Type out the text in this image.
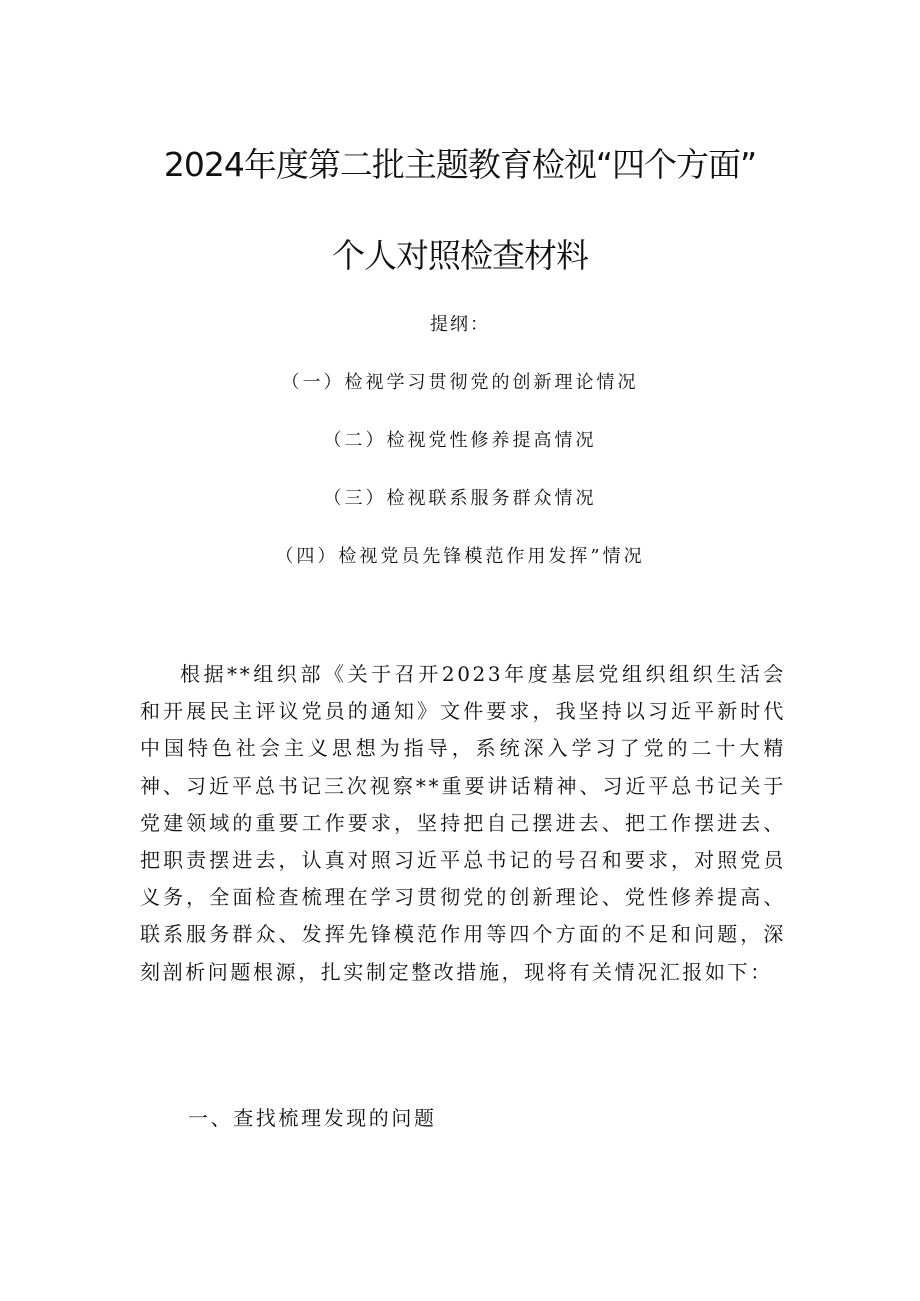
2024年度第二批主题教育检视“四个方面”
个人对照检查材料
提纲：
（一）检视学习贯彻党的创新理论情况
（二）检视党性修养提高情况
（三）检视联系服务群众情况
（四）检视党员先锋模范作用发挥”情况

根据**组织部《关于召开2023年度基层党组织组织生活会和开展民主评议党员的通知》文件要求，我坚持以习近平新时代中国特色社会主义思想为指导，系统深入学习了党的二十大精神、习近平总书记三次视察**重要讲话精神、习近平总书记关于党建领域的重要工作要求，坚持把自己摆进去、把工作摆进去、把职责摆进去，认真对照习近平总书记的号召和要求，对照党员义务，全面检查梳理在学习贯彻党的创新理论、党性修养提高、联系服务群众、发挥先锋模范作用等四个方面的不足和问题，深刻剖析问题根源，扎实制定整改措施，现将有关情况汇报如下：

一、查找梳理发现的问题
